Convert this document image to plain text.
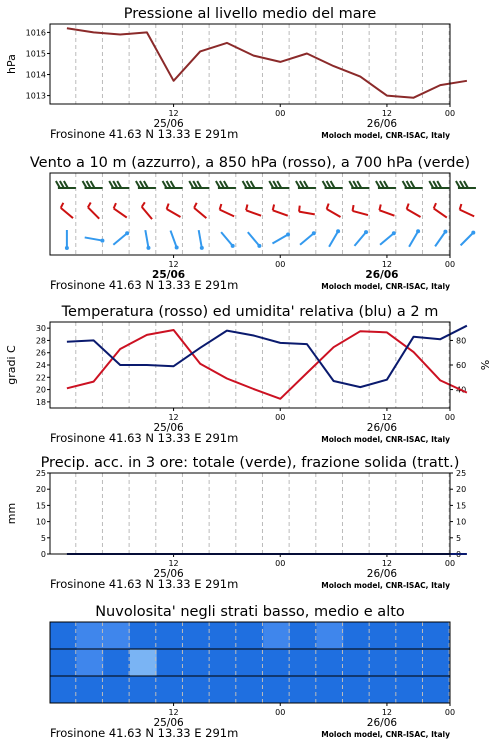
Pressione al livello medio del mare
12	00	12	00
25/06	26/06
Frosinone 41.63 N 13.33 E 291m	Moloch model, CNR-ISAC, Italy
1013
1014
1015
1016
hPa
Vento a 10 m (azzurro), a 850 hPa (rosso), a 700 hPa (verde)
12	00	12	00
25/06	26/06
Frosinone 41.63 N 13.33 E 291m	Moloch model, CNR-ISAC, Italy
Temperatura (rosso) ed umidita' relativa (blu) a 2 m
12	00	12	00
25/06	26/06
Frosinone 41.63 N 13.33 E 291m	Moloch model, CNR-ISAC, Italy
18
20
22
24
26
28
30
40
60
80
gradi C	%
Precip. acc. in 3 ore: totale (verde), frazione solida (tratt.)
12	00	12	00
25/06	26/06
Frosinone 41.63 N 13.33 E 291m	Moloch model, CNR-ISAC, Italy
0
5
10
15
20
25
0
5
10
15
20
25
mm
Nuvolosita' negli strati basso, medio e alto
12	00	12	00
25/06	26/06
Frosinone 41.63 N 13.33 E 291m	Moloch model, CNR-ISAC, Italy
